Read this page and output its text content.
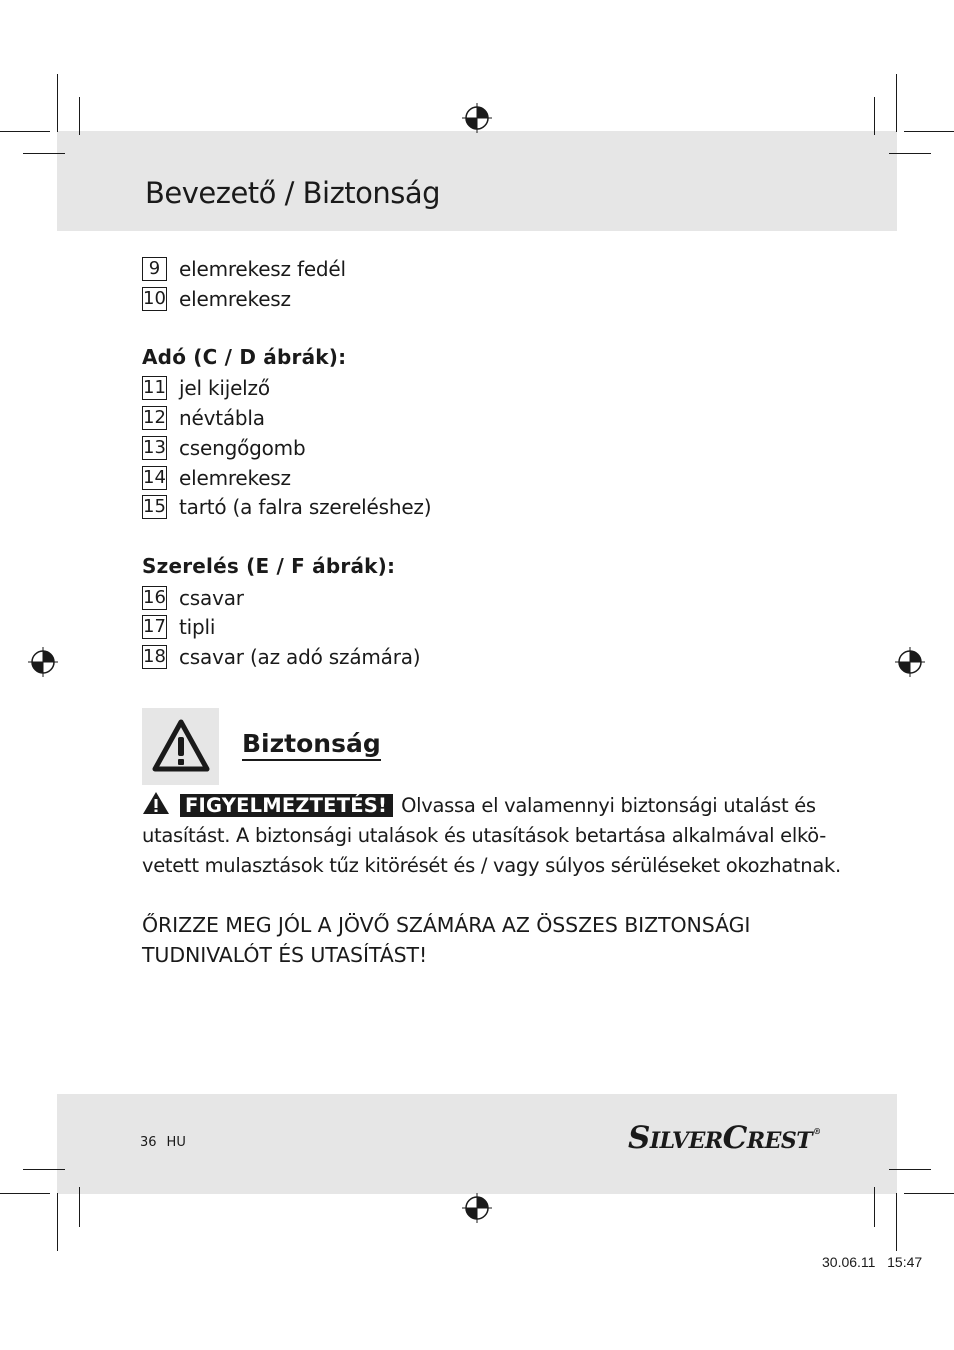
Bevezető / Biztonság
9 elemrekesz fedél
10 elemrekesz
Adó (C / D ábrák):
11 jel kijelző
12 névtábla
13 csengőgomb
14 elemrekesz
15 tartó (a falra szereléshez)
Szerelés (E / F ábrák):
16 csavar
17 tipli
18 csavar (az adó számára)
Biztonság
FIGYELMEZTETÉS! Olvassa el valamennyi biztonsági utalást és
utasítást. A biztonsági utalások és utasítások betartása alkalmával elkö-
vetett mulasztások tűz kitörését és / vagy súlyos sérüléseket okozhatnak.
ŐRIZZE MEG JÓL A JÖVŐ SZÁMÁRA AZ ÖSSZES BIZTONSÁGI
TUDNIVALÓT ÉS UTASÍTÁST!
36 HU	SILVERCREST®
30.06.11 15:47
